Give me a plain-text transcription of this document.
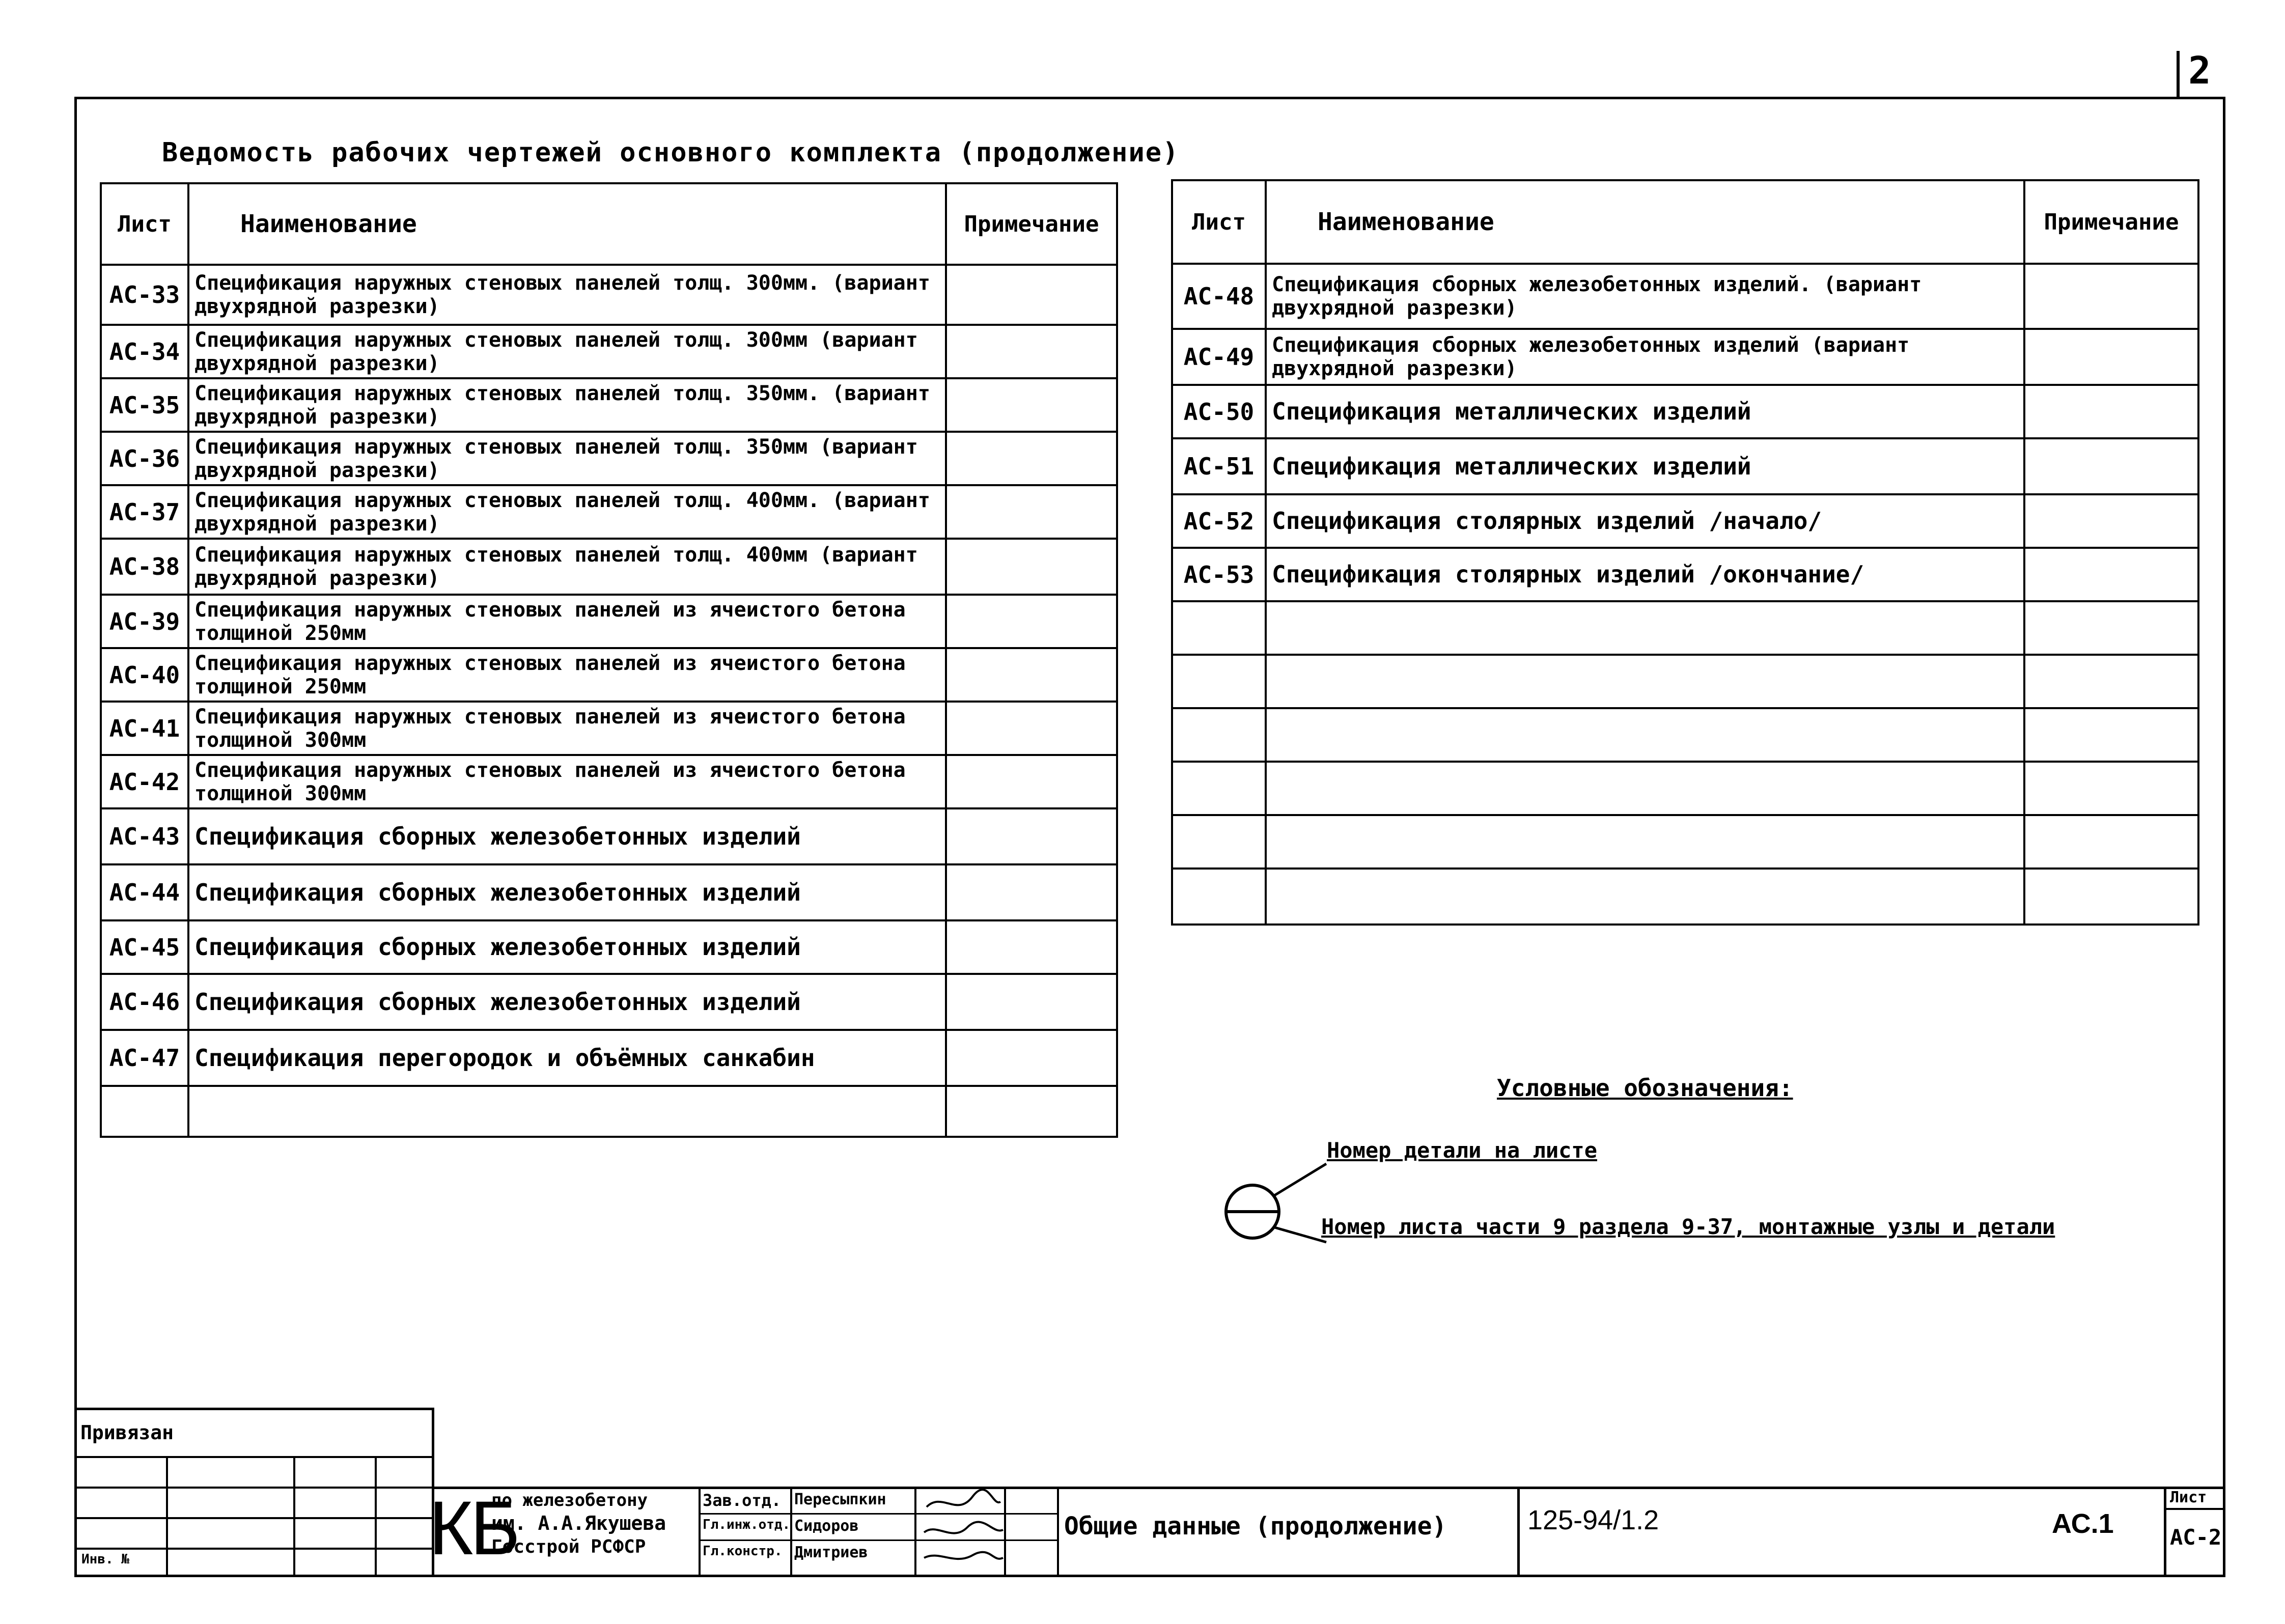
2
Ведомость рабочих чертежей основного комплекта (продолжение)
Лист	Наименование	Примечание
АС-33	Спецификация наружных стеновых панелей толщ. 300мм. (вариант двухрядной разрезки)	
АС-34	Спецификация наружных стеновых панелей толщ. 300мм (вариант двухрядной разрезки)	
АС-35	Спецификация наружных стеновых панелей толщ. 350мм. (вариант двухрядной разрезки)	
АС-36	Спецификация наружных стеновых панелей толщ. 350мм (вариант двухрядной разрезки)	
АС-37	Спецификация наружных стеновых панелей толщ. 400мм. (вариант двухрядной разрезки)	
АС-38	Спецификация наружных стеновых панелей толщ. 400мм (вариант двухрядной разрезки)	
АС-39	Спецификация наружных стеновых панелей из ячеистого бетона толщиной 250мм	
АС-40	Спецификация наружных стеновых панелей из ячеистого бетона толщиной 250мм	
АС-41	Спецификация наружных стеновых панелей из ячеистого бетона толщиной 300мм	
АС-42	Спецификация наружных стеновых панелей из ячеистого бетона толщиной 300мм	
АС-43	Спецификация сборных железобетонных изделий	
АС-44	Спецификация сборных железобетонных изделий	
АС-45	Спецификация сборных железобетонных изделий	
АС-46	Спецификация сборных железобетонных изделий	
АС-47	Спецификация перегородок и объёмных санкабин	

Лист	Наименование	Примечание
АС-48	Спецификация сборных железобетонных изделий. (вариант двухрядной разрезки)	
АС-49	Спецификация сборных железобетонных изделий (вариант двухрядной разрезки)	
АС-50	Спецификация металлических изделий	
АС-51	Спецификация металлических изделий	
АС-52	Спецификация столярных изделий /начало/	
АС-53	Спецификация столярных изделий /окончание/	

Условные обозначения:
Номер детали на листе
Номер листа части 9 раздела 9-37, монтажные узлы и детали
Привязан
Инв. №	КБ
по железобетону
им. А.А.Якушева
Госстрой РСФСР
Зав.отд.
Гл.инж.отд.
Гл.констр.
Пересыпкин
Сидоров
Дмитриев
Общие данные (продолжение)	125-94/1.2	АС.1
Лист
АС-2
